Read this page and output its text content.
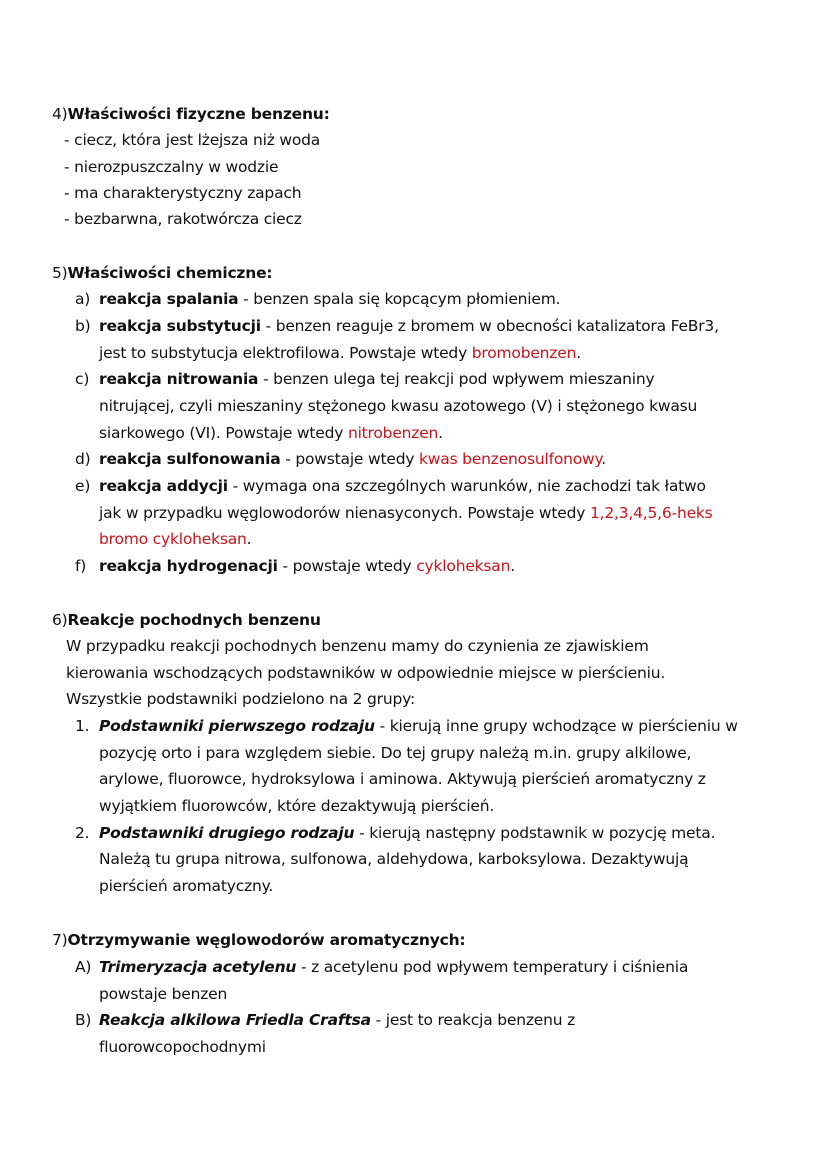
4)Właściwości fizyczne benzenu:
- ciecz, która jest lżejsza niż woda
- nierozpuszczalny w wodzie
- ma charakterystyczny zapach
- bezbarwna, rakotwórcza ciecz
5)Właściwości chemiczne:
a) reakcja spalania - benzen spala się kopcącym płomieniem.
b) reakcja substytucji - benzen reaguje z bromem w obecności katalizatora FeBr3,
jest to substytucja elektrofilowa. Powstaje wtedy bromobenzen.
c) reakcja nitrowania - benzen ulega tej reakcji pod wpływem mieszaniny
nitrującej, czyli mieszaniny stężonego kwasu azotowego (V) i stężonego kwasu
siarkowego (VI). Powstaje wtedy nitrobenzen.
d) reakcja sulfonowania - powstaje wtedy kwas benzenosulfonowy.
e) reakcja addycji - wymaga ona szczególnych warunków, nie zachodzi tak łatwo
jak w przypadku węglowodorów nienasyconych. Powstaje wtedy 1,2,3,4,5,6-heks
bromo cykloheksan.
f) reakcja hydrogenacji - powstaje wtedy cykloheksan.
6)Reakcje pochodnych benzenu
W przypadku reakcji pochodnych benzenu mamy do czynienia ze zjawiskiem
kierowania wschodzących podstawników w odpowiednie miejsce w pierścieniu.
Wszystkie podstawniki podzielono na 2 grupy:
1. Podstawniki pierwszego rodzaju - kierują inne grupy wchodzące w pierścieniu w
pozycję orto i para względem siebie. Do tej grupy należą m.in. grupy alkilowe,
arylowe, fluorowce, hydroksylowa i aminowa. Aktywują pierścień aromatyczny z
wyjątkiem fluorowców, które dezaktywują pierścień.
2. Podstawniki drugiego rodzaju - kierują następny podstawnik w pozycję meta.
Należą tu grupa nitrowa, sulfonowa, aldehydowa, karboksylowa. Dezaktywują
pierścień aromatyczny.
7)Otrzymywanie węglowodorów aromatycznych:
A) Trimeryzacja acetylenu - z acetylenu pod wpływem temperatury i ciśnienia
powstaje benzen
B) Reakcja alkilowa Friedla Craftsa - jest to reakcja benzenu z
fluorowcopochodnymi
